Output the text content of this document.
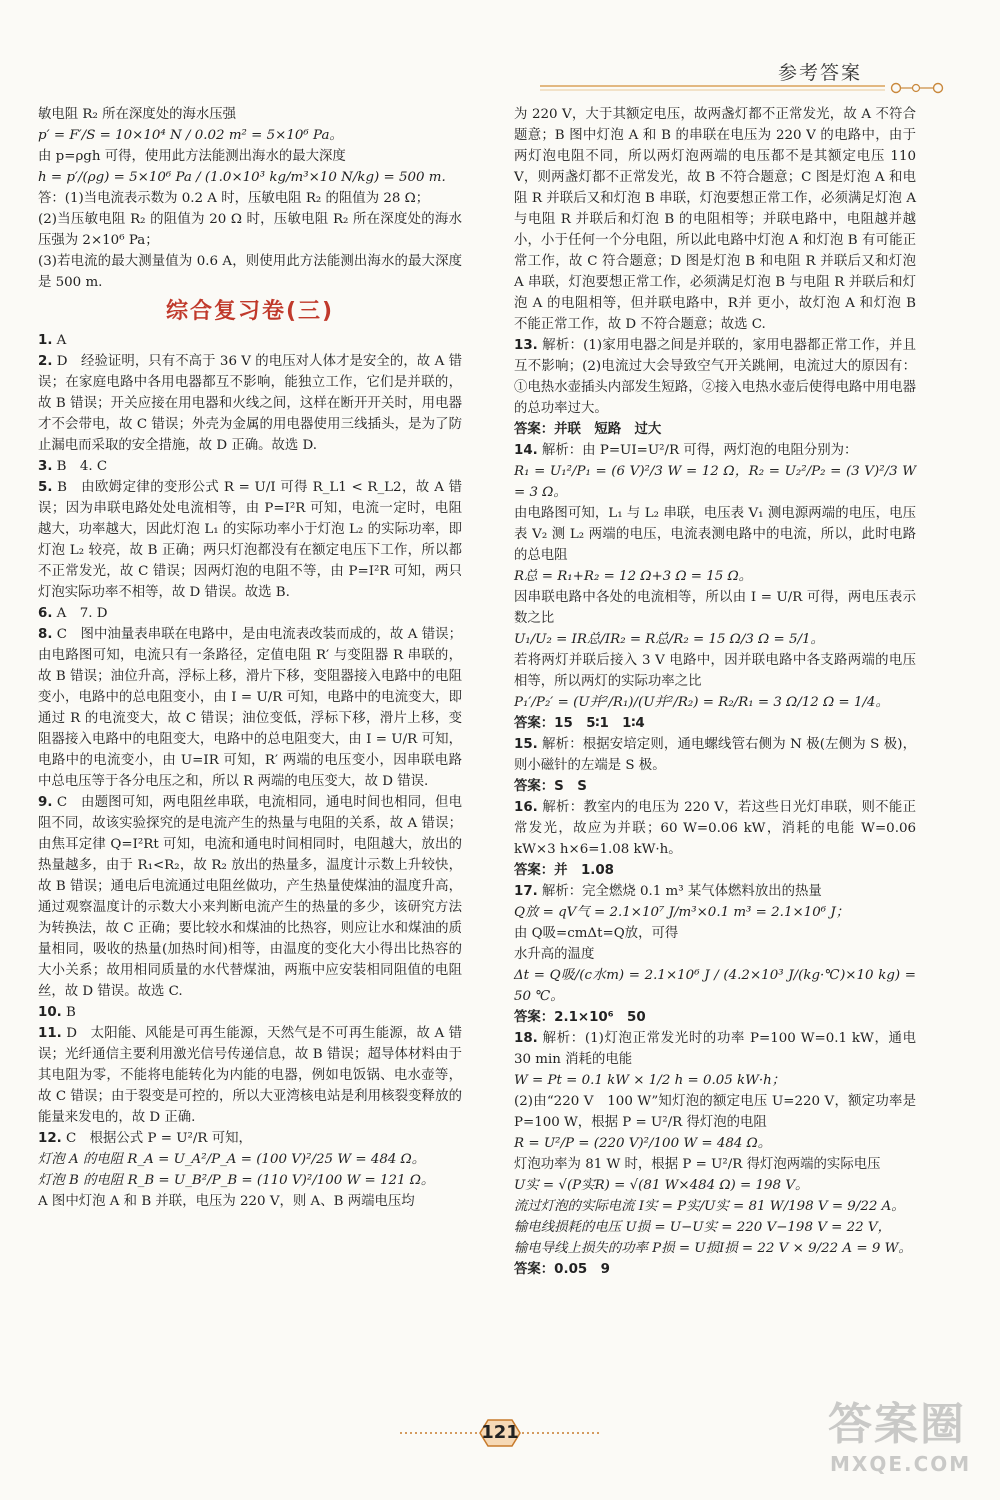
参考答案

敏电阻 R₂ 所在深度处的海水压强

p′ = F′/S = 10×10⁴ N / 0.02 m² = 5×10⁶ Pa。

由 p=ρgh 可得，使用此方法能测出海水的最大深度

h = p′/(ρg) = 5×10⁶ Pa / (1.0×10³ kg/m³×10 N/kg) = 500 m.

答：(1)当电流表示数为 0.2 A 时，压敏电阻 R₂ 的阻值为 28 Ω；

(2)当压敏电阻 R₂ 的阻值为 20 Ω 时，压敏电阻 R₂ 所在深度处的海水压强为 2×10⁶ Pa；

(3)若电流的最大测量值为 0.6 A，则使用此方法能测出海水的最大深度是 500 m.

综合复习卷(三)

1. A

2. D　经验证明，只有不高于 36 V 的电压对人体才是安全的，故 A 错误；在家庭电路中各用电器都互不影响，能独立工作，它们是并联的，故 B 错误；开关应接在用电器和火线之间，这样在断开开关时，用电器才不会带电，故 C 错误；外壳为金属的用电器使用三线插头，是为了防止漏电而采取的安全措施，故 D 正确。故选 D.

3. B　4. C

5. B　由欧姆定律的变形公式 R = U/I 可得 R_L1 < R_L2，故 A 错误；因为串联电路处处电流相等，由 P=I²R 可知，电流一定时，电阻越大，功率越大，因此灯泡 L₁ 的实际功率小于灯泡 L₂ 的实际功率，即灯泡 L₂ 较亮，故 B 正确；两只灯泡都没有在额定电压下工作，所以都不正常发光，故 C 错误；因两灯泡的电阻不等，由 P=I²R 可知，两只灯泡实际功率不相等，故 D 错误。故选 B.

6. A　7. D

8. C　图中油量表串联在电路中，是由电流表改装而成的，故 A 错误；由电路图可知，电流只有一条路径，定值电阻 R′ 与变阻器 R 串联的，故 B 错误；油位升高，浮标上移，滑片下移，变阻器接入电路中的电阻变小，电路中的总电阻变小，由 I = U/R 可知，电路中的电流变大，即通过 R 的电流变大，故 C 错误；油位变低，浮标下移，滑片上移，变阻器接入电路中的电阻变大，电路中的总电阻变大，由 I = U/R 可知，电路中的电流变小，由 U=IR 可知，R′ 两端的电压变小，因串联电路中总电压等于各分电压之和，所以 R 两端的电压变大，故 D 错误.

9. C　由题图可知，两电阻丝串联，电流相同，通电时间也相同，但电阻不同，故该实验探究的是电流产生的热量与电阻的关系，故 A 错误；由焦耳定律 Q=I²Rt 可知，电流和通电时间相同时，电阻越大，放出的热量越多，由于 R₁<R₂，故 R₂ 放出的热量多，温度计示数上升较快，故 B 错误；通电后电流通过电阻丝做功，产生热量使煤油的温度升高，通过观察温度计的示数大小来判断电流产生的热量的多少，该研究方法为转换法，故 C 正确；要比较水和煤油的比热容，则应让水和煤油的质量相同，吸收的热量(加热时间)相等，由温度的变化大小得出比热容的大小关系；故用相同质量的水代替煤油，两瓶中应安装相同阻值的电阻丝，故 D 错误。故选 C.

10. B

11. D　太阳能、风能是可再生能源，天然气是不可再生能源，故 A 错误；光纤通信主要利用激光信号传递信息，故 B 错误；超导体材料由于其电阻为零，不能将电能转化为内能的电器，例如电饭锅、电水壶等，故 C 错误；由于裂变是可控的，所以大亚湾核电站是利用核裂变释放的能量来发电的，故 D 正确.

12. C　根据公式 P = U²/R 可知，

灯泡 A 的电阻 R_A = U_A²/P_A = (100 V)²/25 W = 484 Ω。

灯泡 B 的电阻 R_B = U_B²/P_B = (110 V)²/100 W = 121 Ω。

A 图中灯泡 A 和 B 并联，电压为 220 V，则 A、B 两端电压均

为 220 V，大于其额定电压，故两盏灯都不正常发光，故 A 不符合题意；B 图中灯泡 A 和 B 的串联在电压为 220 V 的电路中，由于两灯泡电阻不同，所以两灯泡两端的电压都不是其额定电压 110 V，则两盏灯都不正常发光，故 B 不符合题意；C 图是灯泡 A 和电阻 R 并联后又和灯泡 B 串联，灯泡要想正常工作，必须满足灯泡 A 与电阻 R 并联后和灯泡 B 的电阻相等；并联电路中，电阻越并越小，小于任何一个分电阻，所以此电路中灯泡 A 和灯泡 B 有可能正常工作，故 C 符合题意；D 图是灯泡 B 和电阻 R 并联后又和灯泡 A 串联，灯泡要想正常工作，必须满足灯泡 B 与电阻 R 并联后和灯泡 A 的电阻相等，但并联电路中，R并 更小，故灯泡 A 和灯泡 B 不能正常工作，故 D 不符合题意；故选 C.

13. 解析：(1)家用电器之间是并联的，家用电器都正常工作，并且互不影响；(2)电流过大会导致空气开关跳闸，电流过大的原因有：①电热水壶插头内部发生短路，②接入电热水壶后使得电路中用电器的总功率过大。

答案：并联　短路　过大

14. 解析：由 P=UI=U²/R 可得，两灯泡的电阻分别为：

R₁ = U₁²/P₁ = (6 V)²/3 W = 12 Ω，R₂ = U₂²/P₂ = (3 V)²/3 W = 3 Ω。

由电路图可知，L₁ 与 L₂ 串联，电压表 V₁ 测电源两端的电压，电压表 V₂ 测 L₂ 两端的电压，电流表测电路中的电流，所以，此时电路的总电阻

R总 = R₁+R₂ = 12 Ω+3 Ω = 15 Ω。

因串联电路中各处的电流相等，所以由 I = U/R 可得，两电压表示数之比

U₁/U₂ = IR总/IR₂ = R总/R₂ = 15 Ω/3 Ω = 5/1。

若将两灯并联后接入 3 V 电路中，因并联电路中各支路两端的电压相等，所以两灯的实际功率之比

P₁′/P₂′ = (U并²/R₁)/(U并²/R₂) = R₂/R₁ = 3 Ω/12 Ω = 1/4。

答案：15　5∶1　1∶4

15. 解析：根据安培定则，通电螺线管右侧为 N 极(左侧为 S 极)，则小磁针的左端是 S 极。

答案：S　S

16. 解析：教室内的电压为 220 V，若这些日光灯串联，则不能正常发光，故应为并联；60 W=0.06 kW，消耗的电能 W=0.06 kW×3 h×6=1.08 kW·h。

答案：并　1.08

17. 解析：完全燃烧 0.1 m³ 某气体燃料放出的热量

Q放 = qV气 = 2.1×10⁷ J/m³×0.1 m³ = 2.1×10⁶ J；

由 Q吸=cmΔt=Q放，可得

水升高的温度

Δt = Q吸/(c水m) = 2.1×10⁶ J / (4.2×10³ J/(kg·℃)×10 kg) = 50 ℃。

答案：2.1×10⁶　50

18. 解析：(1)灯泡正常发光时的功率 P=100 W=0.1 kW，通电 30 min 消耗的电能

W = Pt = 0.1 kW × 1/2 h = 0.05 kW·h；

(2)由“220 V　100 W”知灯泡的额定电压 U=220 V，额定功率是 P=100 W，根据 P = U²/R 得灯泡的电阻

R = U²/P = (220 V)²/100 W = 484 Ω。

灯泡功率为 81 W 时，根据 P = U²/R 得灯泡两端的实际电压

U实 = √(P实R) = √(81 W×484 Ω) = 198 V。

流过灯泡的实际电流 I实 = P实/U实 = 81 W/198 V = 9/22 A。

输电线损耗的电压 U损 = U−U实 = 220 V−198 V = 22 V，

输电导线上损失的功率 P损 = U损I损 = 22 V × 9/22 A = 9 W。

答案：0.05　9

121	答案圈
MXQE.COM
